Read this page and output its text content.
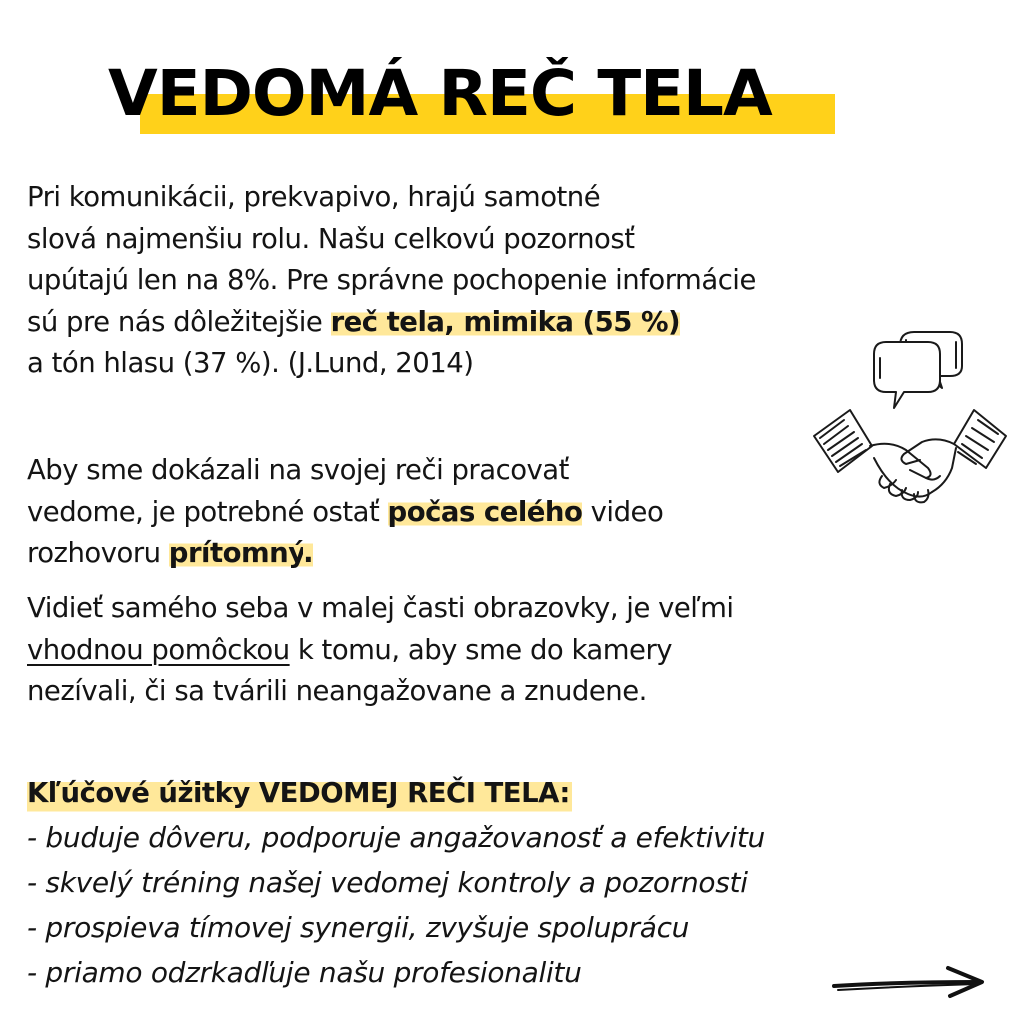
VEDOMÁ REČ TELA

Pri komunikácii, prekvapivo, hrajú samotné
slová najmenšiu rolu. Našu celkovú pozornosť
upútajú len na 8%. Pre správne pochopenie informácie
sú pre nás dôležitejšie reč tela, mimika (55 %)
a tón hlasu (37 %). (J.Lund, 2014)

Aby sme dokázali na svojej reči pracovať
vedome, je potrebné ostať počas celého video
rozhovoru prítomný.

Vidieť samého seba v malej časti obrazovky, je veľmi
vhodnou pomôckou k tomu, aby sme do kamery
nezívali, či sa tvárili neangažovane a znudene.

Kľúčové úžitky VEDOMEJ REČI TELA:

- buduje dôveru, podporuje angažovanosť a efektivitu
- skvelý tréning našej vedomej kontroly a pozornosti
- prospieva tímovej synergii, zvyšuje spoluprácu
- priamo odzrkadľuje našu profesionalitu
